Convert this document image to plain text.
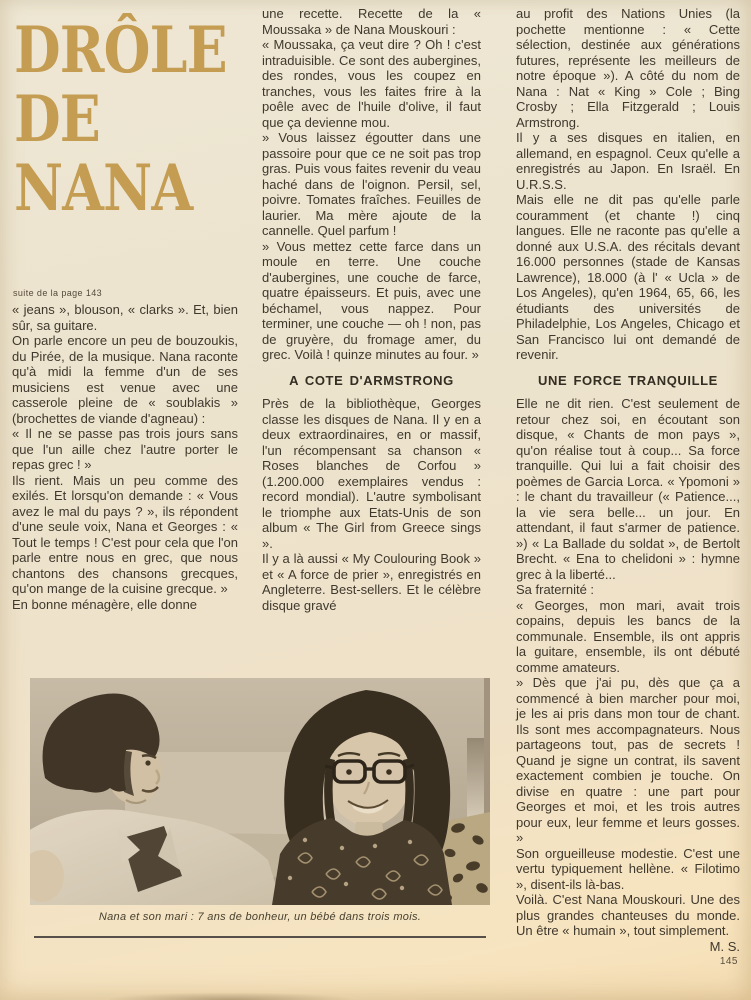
DRÔLE
DE
NANA
suite de la page 143

« jeans », blouson, « clarks ». Et, bien sûr, sa guitare.

On parle encore un peu de bouzoukis, du Pirée, de la musique. Nana raconte qu'à midi la femme d'un de ses musiciens est venue avec une casserole pleine de « soublakis » (brochettes de viande d'agneau) :

« Il ne se passe pas trois jours sans que l'un aille chez l'autre porter le repas grec ! »

Ils rient. Mais un peu comme des exilés. Et lorsqu'on demande : « Vous avez le mal du pays ? », ils répondent d'une seule voix, Nana et Georges : « Tout le temps ! C'est pour cela que l'on parle entre nous en grec, que nous chantons des chansons grecques, qu'on mange de la cuisine grecque. »

En bonne ménagère, elle donne

une recette. Recette de la « Moussaka » de Nana Mouskouri :

« Moussaka, ça veut dire ? Oh ! c'est intraduisible. Ce sont des aubergines, des rondes, vous les coupez en tranches, vous les faites frire à la poêle avec de l'huile d'olive, il faut que ça devienne mou.

» Vous laissez égoutter dans une passoire pour que ce ne soit pas trop gras. Puis vous faites revenir du veau haché dans de l'oignon. Persil, sel, poivre. Tomates fraîches. Feuilles de laurier. Ma mère ajoute de la cannelle. Quel parfum !

» Vous mettez cette farce dans un moule en terre. Une couche d'aubergines, une couche de farce, quatre épaisseurs. Et puis, avec une béchamel, vous nappez. Pour terminer, une couche — oh ! non, pas de gruyère, du fromage amer, du grec. Voilà ! quinze minutes au four. »

A COTE D'ARMSTRONG

Près de la bibliothèque, Georges classe les disques de Nana. Il y en a deux extraordinaires, en or massif, l'un récompensant sa chanson « Roses blanches de Corfou » (1.200.000 exemplaires vendus : record mondial). L'autre symbolisant le triomphe aux Etats-Unis de son album « The Girl from Greece sings ».

Il y a là aussi « My Coulouring Book » et « A force de prier », enregistrés en Angleterre. Best-sellers. Et le célèbre disque gravé

au profit des Nations Unies (la pochette mentionne : « Cette sélection, destinée aux générations futures, représente les meilleurs de notre époque »). A côté du nom de Nana : Nat « King » Cole ; Bing Crosby ; Ella Fitzgerald ; Louis Armstrong.

Il y a ses disques en italien, en allemand, en espagnol. Ceux qu'elle a enregistrés au Japon. En Israël. En U.R.S.S.

Mais elle ne dit pas qu'elle parle couramment (et chante !) cinq langues. Elle ne raconte pas qu'elle a donné aux U.S.A. des récitals devant 16.000 personnes (stade de Kansas Lawrence), 18.000 (à l' « Ucla » de Los Angeles), qu'en 1964, 65, 66, les étudiants des universités de Philadelphie, Los Angeles, Chicago et San Francisco lui ont demandé de revenir.

UNE FORCE TRANQUILLE

Elle ne dit rien. C'est seulement de retour chez soi, en écoutant son disque, « Chants de mon pays », qu'on réalise tout à coup... Sa force tranquille. Qui lui a fait choisir des poèmes de Garcia Lorca. « Ypomoni » : le chant du travailleur (« Patience..., la vie sera belle... un jour. En attendant, il faut s'armer de patience. ») « La Ballade du soldat », de Bertolt Brecht. « Ena to chelidoni » : hymne grec à la liberté...

Sa fraternité :

« Georges, mon mari, avait trois copains, depuis les bancs de la communale. Ensemble, ils ont appris la guitare, ensemble, ils ont débuté comme amateurs.

» Dès que j'ai pu, dès que ça a commencé à bien marcher pour moi, je les ai pris dans mon tour de chant. Ils sont mes accompagnateurs. Nous partageons tout, pas de secrets ! Quand je signe un contrat, ils savent exactement combien je touche. On divise en quatre : une part pour Georges et moi, et les trois autres pour eux, leur femme et leurs gosses. »

Son orgueilleuse modestie. C'est une vertu typiquement hellène. « Filotimo », disent-ils là-bas.

Voilà. C'est Nana Mouskouri. Une des plus grandes chanteuses du monde. Un être « humain », tout simplement.
M. S.

Nana et son mari : 7 ans de bonheur, un bébé dans trois mois.
145
